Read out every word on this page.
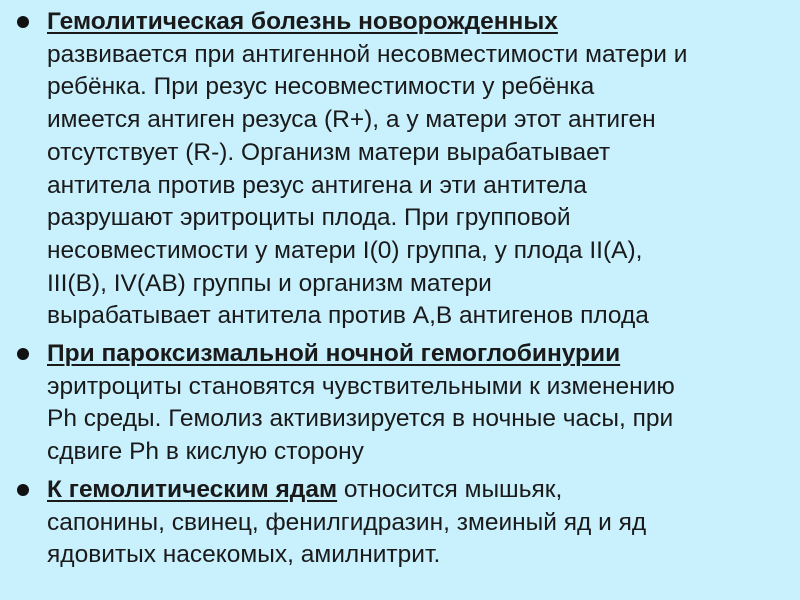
Гемолитическая болезнь новорожденных
развивается при антигенной несовместимости матери и
ребёнка. При резус несовместимости у ребёнка
имеется антиген резуса (R+), а у матери этот антиген
отсутствует (R-). Организм матери вырабатывает
антитела против резус антигена и эти антитела
разрушают эритроциты плода. При групповой
несовместимости у матери I(0) группа, у плода II(A),
III(B), IV(AB) группы и организм матери
вырабатывает антитела против А,В антигенов плода
При пароксизмальной ночной гемоглобинурии
эритроциты становятся чувствительными к изменению
Ph среды. Гемолиз активизируется в ночные часы, при
сдвиге Ph в кислую сторону
К гемолитическим ядам относится мышьяк,
сапонины, свинец, фенилгидразин, змеиный яд и яд
ядовитых насекомых, амилнитрит.
